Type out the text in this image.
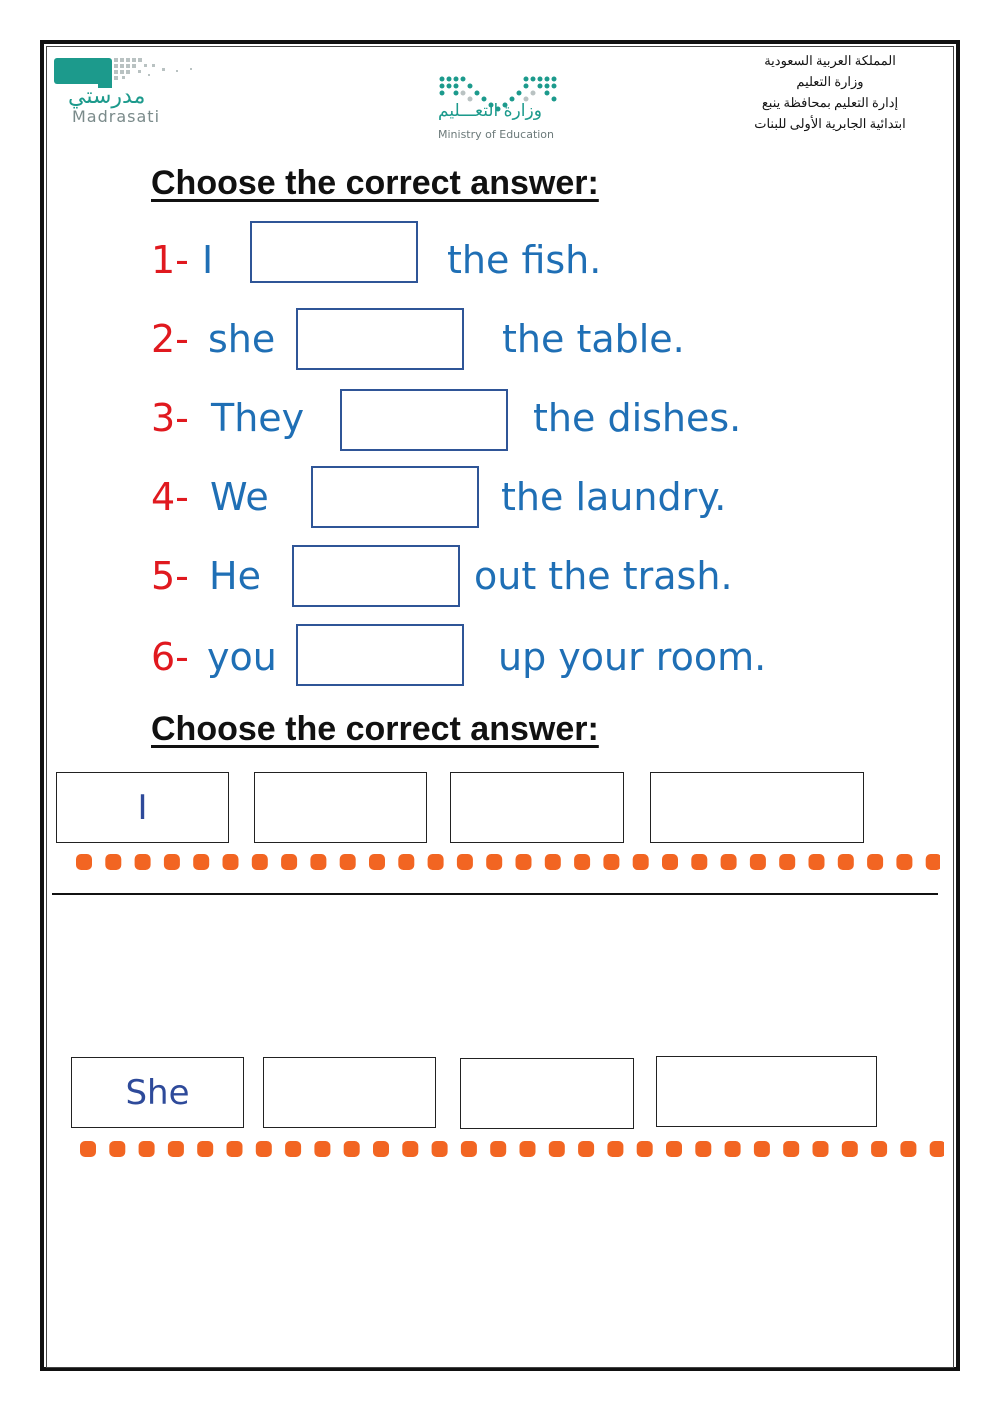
مدرستي
Madrasati	وزارة التعـــليم
Ministry of Education
المملكة العربية السعودية
وزارة التعليم
إدارة التعليم بمحافظة ينبع
ابتدائية الجابرية الأولى للبنات
Choose the correct answer:
1- I	the fish.
2- she	the table.
3- They	the dishes.
4- We	the laundry.
5- He	out the trash.
6- you	up your room.
Choose the correct answer:
I
She
